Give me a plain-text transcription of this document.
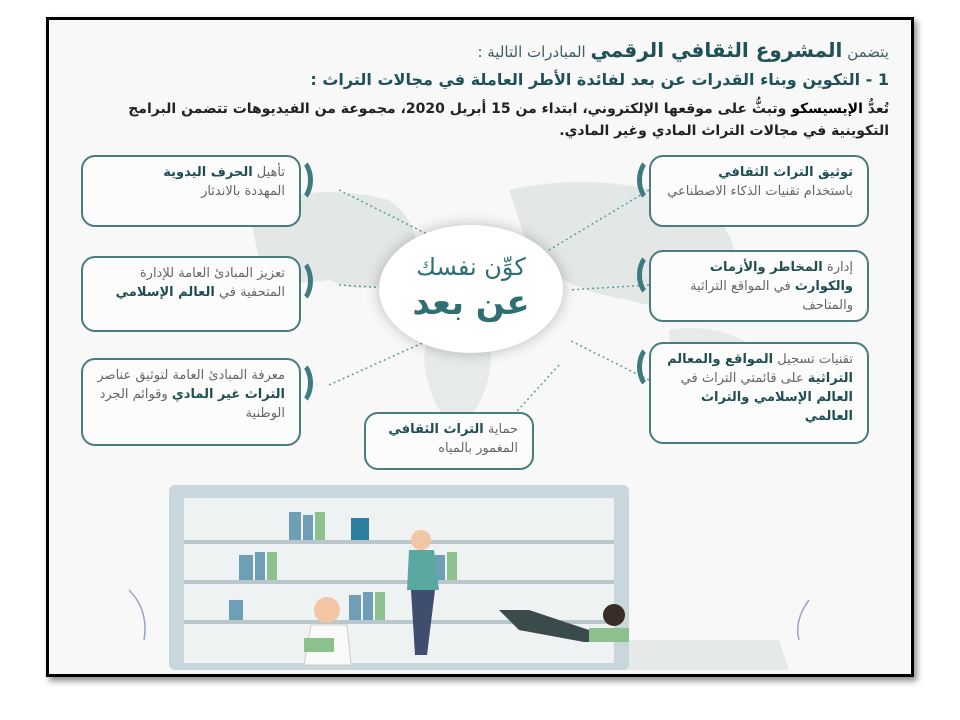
يتضمن المشروع الثقافي الرقمي المبادرات التالية :
1 - التكوين وبناء القدرات عن بعد لفائدة الأطر العاملة في مجالات التراث :
تُعدُّ الإيسيسكو وتبثُّ على موقعها الإلكتروني، ابتداء من 15 أبريل 2020، مجموعة من الفيديوهات تتضمن البرامج التكوينية في مجالات التراث المادي وغير المادي.
توثيق التراث الثقافي
باستخدام تقنيات الذكاء الاصطناعي
إدارة المخاطر والأزمات والكوارث في المواقع التراثية والمتاحف
تقنيات تسجيل المواقع والمعالم التراثية على قائمتي التراث في العالم الإسلامي والتراث العالمي
تأهيل الحرف اليدوية
المهددة بالاندثار
تعزيز المبادئ العامة للإدارة المتحفية في العالم الإسلامي
معرفة المبادئ العامة لتوثيق عناصر التراث غير المادي وقوائم الجرد الوطنية
حماية التراث الثقافي
المغمور بالمياه
كوِّن نفسك
عن بعد
